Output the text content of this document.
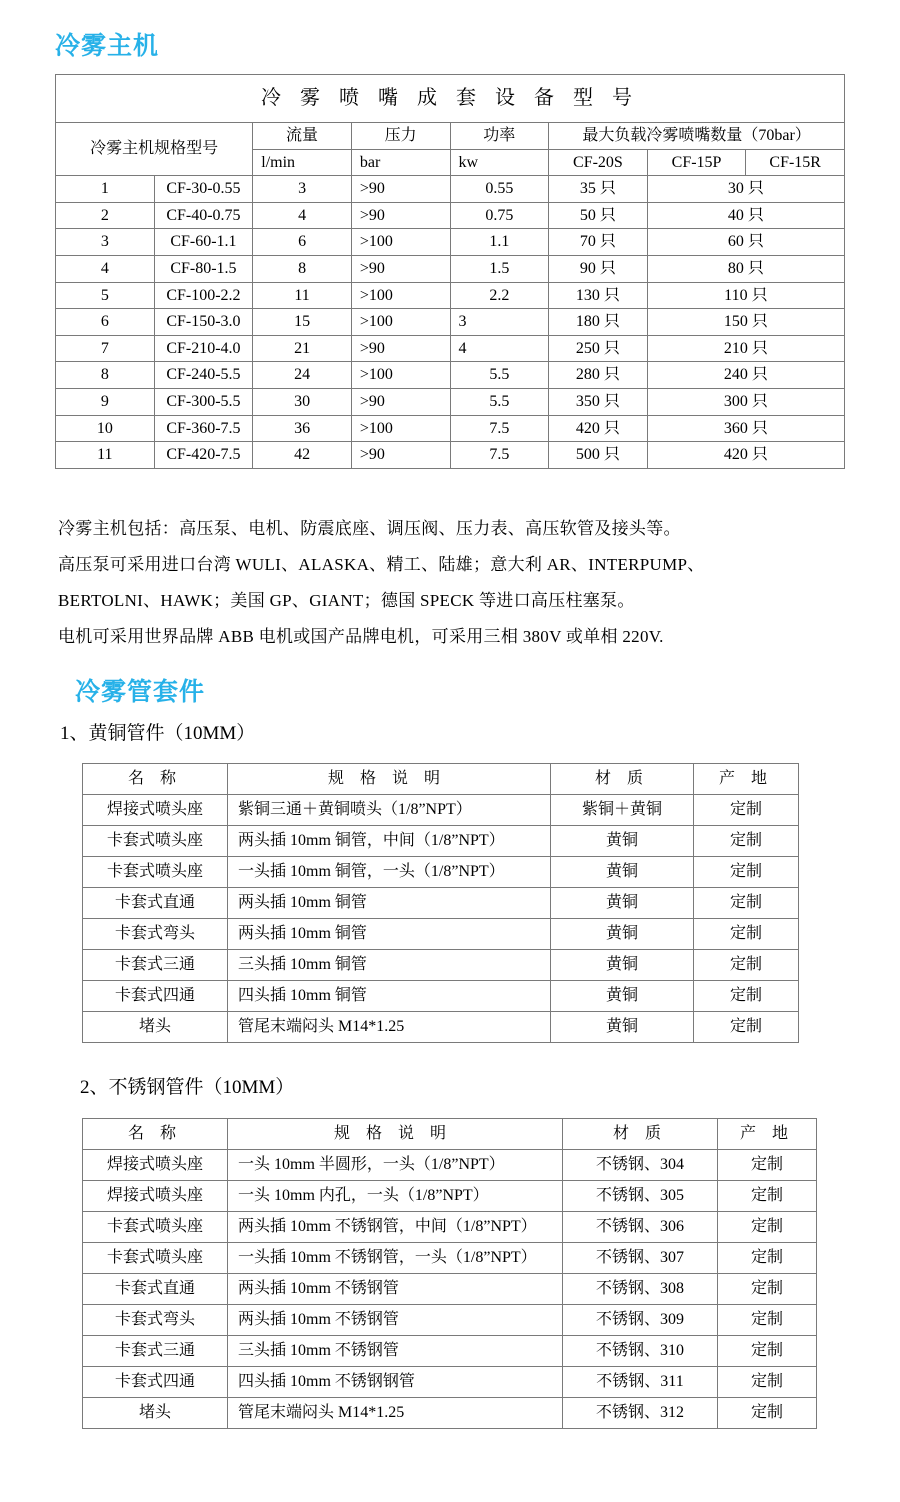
冷雾主机
冷 雾 喷 嘴 成 套 设 备 型 号							
冷雾主机规格型号		流量	压力	功率	最大负载冷雾喷嘴数量（70bar）		
		l/min	bar	kw	CF-20S	CF-15P	CF-15R
1	CF-30-0.55	3	>90	0.55	35 只	30 只	
2	CF-40-0.75	4	>90	0.75	50 只	40 只	
3	CF-60-1.1	6	>100	1.1	70 只	60 只	
4	CF-80-1.5	8	>90	1.5	90 只	80 只	
5	CF-100-2.2	11	>100	2.2	130 只	110 只	
6	CF-150-3.0	15	>100	3	180 只	150 只	
7	CF-210-4.0	21	>90	4	250 只	210 只	
8	CF-240-5.5	24	>100	5.5	280 只	240 只	
9	CF-300-5.5	30	>90	5.5	350 只	300 只	
10	CF-360-7.5	36	>100	7.5	420 只	360 只	
11	CF-420-7.5	42	>90	7.5	500 只	420 只	
冷雾主机包括：高压泵、电机、防震底座、调压阀、压力表、高压软管及接头等。
高压泵可采用进口台湾 WULI、ALASKA、精工、陆雄；意大利 AR、INTERPUMP、
BERTOLNI、HAWK；美国 GP、GIANT；德国 SPECK 等进口高压柱塞泵。
电机可采用世界品牌 ABB 电机或国产品牌电机，可采用三相 380V 或单相 220V.
冷雾管套件
1、黄铜管件（10MM）
名 称	规 格 说 明	材 质	产 地
焊接式喷头座	紫铜三通＋黄铜喷头（1/8”NPT）	紫铜＋黄铜	定制
卡套式喷头座	两头插 10mm 铜管，中间（1/8”NPT）	黄铜	定制
卡套式喷头座	一头插 10mm 铜管，一头（1/8”NPT）	黄铜	定制
卡套式直通	两头插 10mm 铜管	黄铜	定制
卡套式弯头	两头插 10mm 铜管	黄铜	定制
卡套式三通	三头插 10mm 铜管	黄铜	定制
卡套式四通	四头插 10mm 铜管	黄铜	定制
堵头	管尾末端闷头 M14*1.25	黄铜	定制
2、不锈钢管件（10MM）
名 称	规 格 说 明	材 质	产 地
焊接式喷头座	一头 10mm 半圆形，一头（1/8”NPT）	不锈钢、304	定制
焊接式喷头座	一头 10mm 内孔，一头（1/8”NPT）	不锈钢、305	定制
卡套式喷头座	两头插 10mm 不锈钢管，中间（1/8”NPT）	不锈钢、306	定制
卡套式喷头座	一头插 10mm 不锈钢管，一头（1/8”NPT）	不锈钢、307	定制
卡套式直通	两头插 10mm 不锈钢管	不锈钢、308	定制
卡套式弯头	两头插 10mm 不锈钢管	不锈钢、309	定制
卡套式三通	三头插 10mm 不锈钢管	不锈钢、310	定制
卡套式四通	四头插 10mm 不锈钢钢管	不锈钢、311	定制
堵头	管尾末端闷头 M14*1.25	不锈钢、312	定制
